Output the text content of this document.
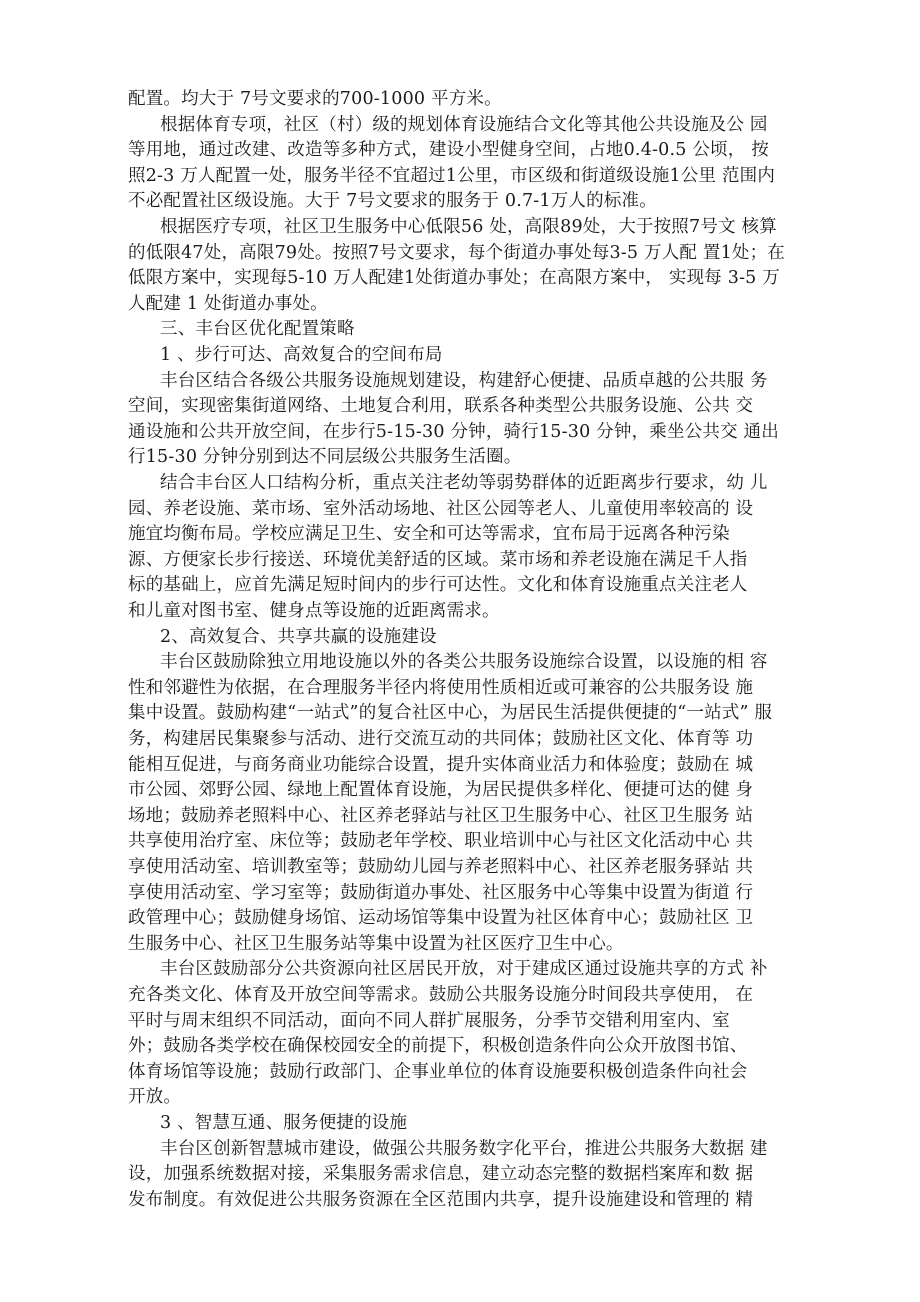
配置。均大于 7号文要求的700-1000 平方米。
根据体育专项，社区（村）级的规划体育设施结合文化等其他公共设施及公 园
等用地，通过改建、改造等多种方式，建设小型健身空间，占地0.4-0.5 公顷， 按
照2-3 万人配置一处，服务半径不宜超过1公里，市区级和街道级设施1公里 范围内
不必配置社区级设施。大于 7号文要求的服务于 0.7-1万人的标准。
根据医疗专项，社区卫生服务中心低限56 处，高限89处，大于按照7号文 核算
的低限47处，高限79处。按照7号文要求，每个街道办事处每3-5 万人配 置1处；在
低限方案中，实现每5-10 万人配建1处街道办事处；在高限方案中， 实现每 3-5 万
人配建 1 处街道办事处。
三、丰台区优化配置策略
1 、步行可达、高效复合的空间布局
丰台区结合各级公共服务设施规划建设，构建舒心便捷、品质卓越的公共服 务
空间，实现密集街道网络、土地复合利用，联系各种类型公共服务设施、公共 交
通设施和公共开放空间，在步行5-15-30 分钟，骑行15-30 分钟，乘坐公共交 通出
行15-30 分钟分别到达不同层级公共服务生活圈。
结合丰台区人口结构分析，重点关注老幼等弱势群体的近距离步行要求，幼 儿
园、养老设施、菜市场、室外活动场地、社区公园等老人、儿童使用率较高的 设
施宜均衡布局。学校应满足卫生、安全和可达等需求，宜布局于远离各种污染
源、方便家长步行接送、环境优美舒适的区域。菜市场和养老设施在满足千人指
标的基础上，应首先满足短时间内的步行可达性。文化和体育设施重点关注老人
和儿童对图书室、健身点等设施的近距离需求。
2、高效复合、共享共赢的设施建设
丰台区鼓励除独立用地设施以外的各类公共服务设施综合设置，以设施的相 容
性和邻避性为依据，在合理服务半径内将使用性质相近或可兼容的公共服务设 施
集中设置。鼓励构建“一站式”的复合社区中心，为居民生活提供便捷的“一站式” 服
务，构建居民集聚参与活动、进行交流互动的共同体；鼓励社区文化、体育等 功
能相互促进，与商务商业功能综合设置，提升实体商业活力和体验度；鼓励在 城
市公园、郊野公园、绿地上配置体育设施，为居民提供多样化、便捷可达的健 身
场地；鼓励养老照料中心、社区养老驿站与社区卫生服务中心、社区卫生服务 站
共享使用治疗室、床位等；鼓励老年学校、职业培训中心与社区文化活动中心 共
享使用活动室、培训教室等；鼓励幼儿园与养老照料中心、社区养老服务驿站 共
享使用活动室、学习室等；鼓励街道办事处、社区服务中心等集中设置为街道 行
政管理中心；鼓励健身场馆、运动场馆等集中设置为社区体育中心；鼓励社区 卫
生服务中心、社区卫生服务站等集中设置为社区医疗卫生中心。
丰台区鼓励部分公共资源向社区居民开放，对于建成区通过设施共享的方式 补
充各类文化、体育及开放空间等需求。鼓励公共服务设施分时间段共享使用， 在
平时与周末组织不同活动，面向不同人群扩展服务，分季节交错利用室内、室
外；鼓励各类学校在确保校园安全的前提下，积极创造条件向公众开放图书馆、
体育场馆等设施；鼓励行政部门、企事业单位的体育设施要积极创造条件向社会
开放。
3 、智慧互通、服务便捷的设施
丰台区创新智慧城市建设，做强公共服务数字化平台，推进公共服务大数据 建
设，加强系统数据对接，采集服务需求信息，建立动态完整的数据档案库和数 据
发布制度。有效促进公共服务资源在全区范围内共享，提升设施建设和管理的 精
